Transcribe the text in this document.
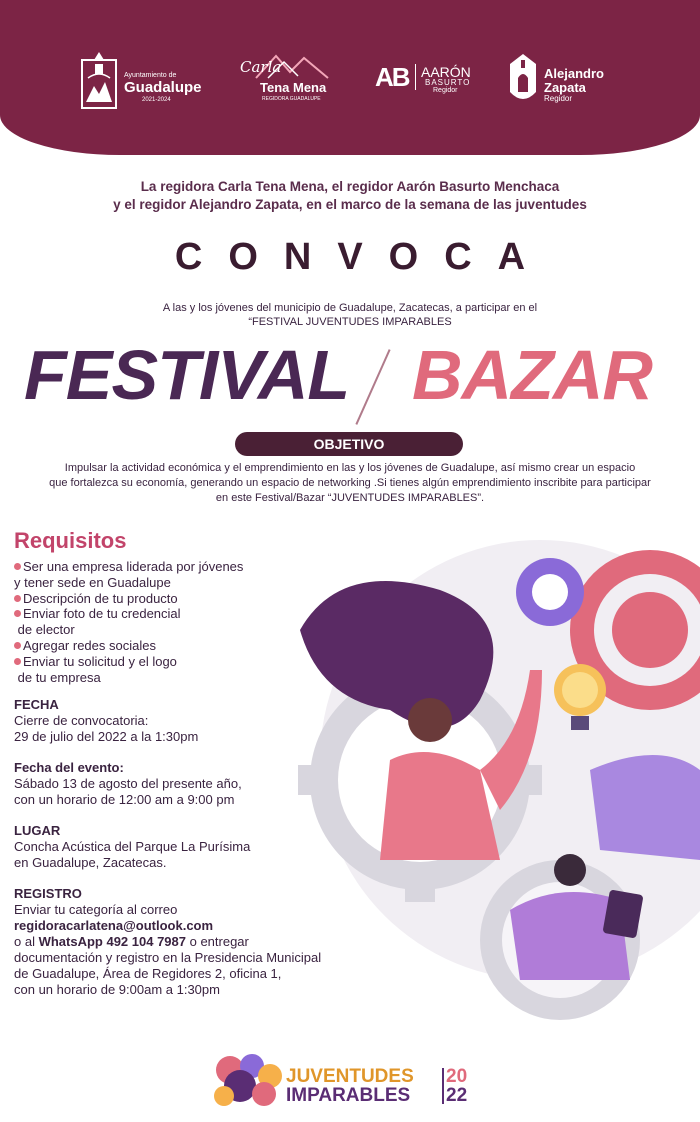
Ayuntamiento de
Guadalupe
2021-2024
Carla
Tena Mena
REGIDORA GUADALUPE
AB AARÓN
BASURTO
Regidor
Alejandro
Zapata
Regidor
La regidora Carla Tena Mena, el regidor Aarón Basurto Menchaca
y el regidor Alejandro Zapata, en el marco de la semana de las juventudes
CONVOCA
A las y los jóvenes del municipio de Guadalupe, Zacatecas, a participar en el
“FESTIVAL JUVENTUDES IMPARABLES
FESTIVAL BAZAR
OBJETIVO
Impulsar la actividad económica y el emprendimiento en las y los jóvenes de Guadalupe, así mismo crear un espacio
que fortalezca su economía, generando un espacio de networking .Si tienes algún emprendimiento inscribite para participar
en este Festival/Bazar “JUVENTUDES IMPARABLES”.
Requisitos
Ser una empresa liderada por jóvenes
y tener sede en Guadalupe
Descripción de tu producto
Enviar foto de tu credencial
de elector
Agregar redes sociales
Enviar tu solicitud y el logo
de tu empresa
FECHA
Cierre de convocatoria:
29 de julio del 2022 a la 1:30pm
Fecha del evento:
Sábado 13 de agosto del presente año,
con un horario de 12:00 am a 9:00 pm
LUGAR
Concha Acústica del Parque La Purísima
en Guadalupe, Zacatecas.
REGISTRO
Enviar tu categoría al correo
regidoracarlatena@outlook.com
o al WhatsApp 492 104 7987 o entregar
documentación y registro en la Presidencia Municipal
de Guadalupe, Área de Regidores 2, oficina 1,
con un horario de 9:00am a 1:30pm
JUVENTUDES
IMPARABLES
20
22
